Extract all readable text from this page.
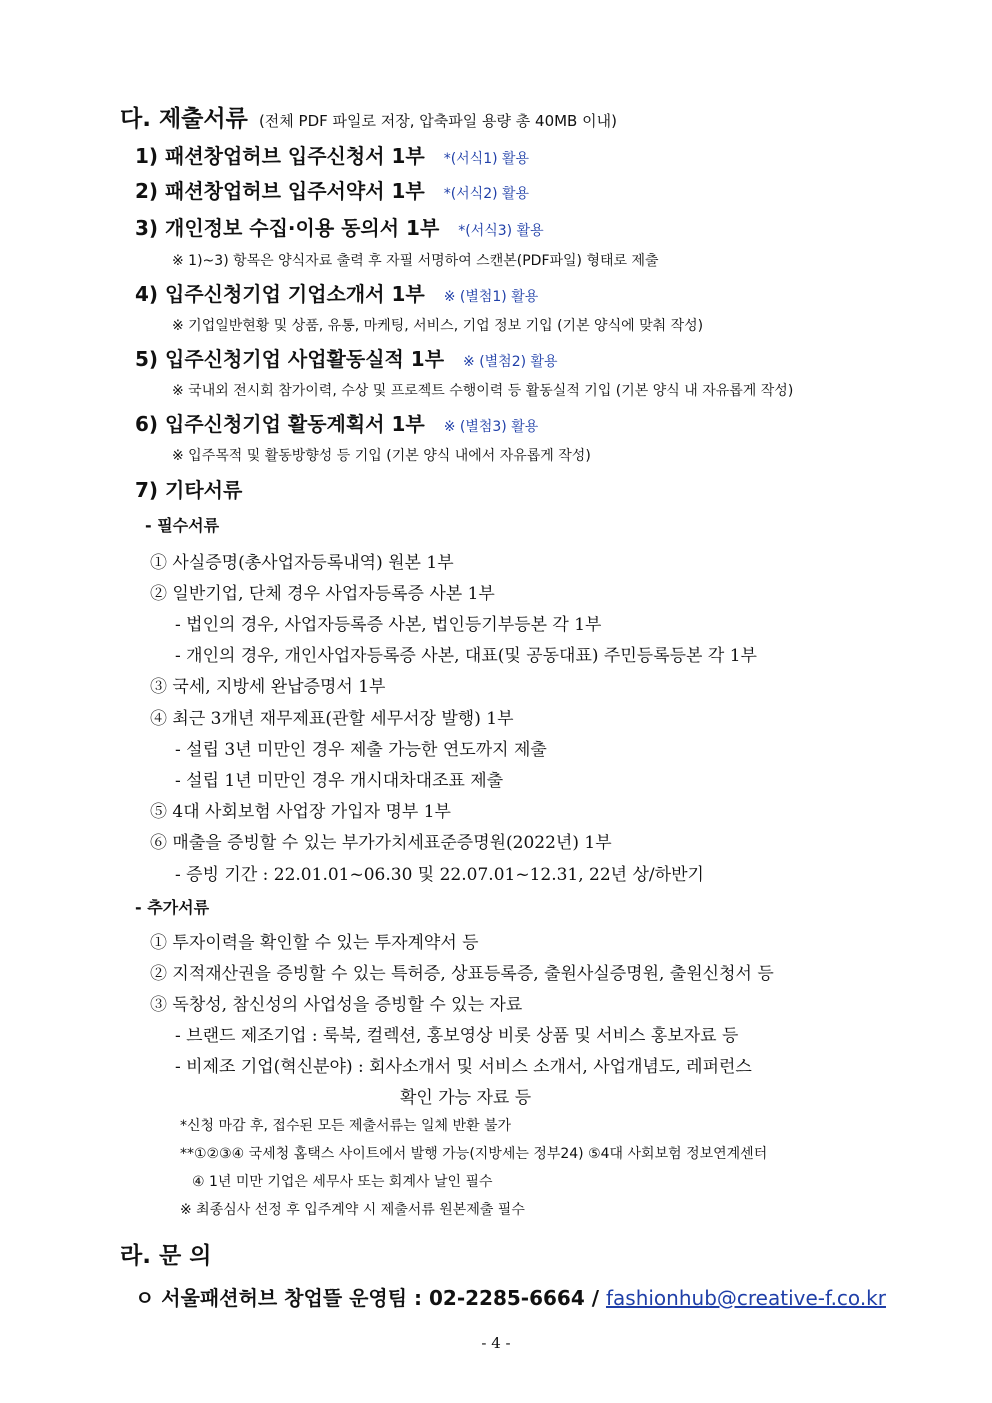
다. 제출서류 (전체 PDF 파일로 저장, 압축파일 용량 총 40MB 이내)
1) 패션창업허브 입주신청서 1부 *(서식1) 활용
2) 패션창업허브 입주서약서 1부 *(서식2) 활용
3) 개인정보 수집·이용 동의서 1부 *(서식3) 활용
※ 1)~3) 항목은 양식자료 출력 후 자필 서명하여 스캔본(PDF파일) 형태로 제출
4) 입주신청기업 기업소개서 1부 ※ (별첨1) 활용
※ 기업일반현황 및 상품, 유통, 마케팅, 서비스, 기업 정보 기입 (기본 양식에 맞춰 작성)
5) 입주신청기업 사업활동실적 1부 ※ (별첨2) 활용
※ 국내외 전시회 참가이력, 수상 및 프로젝트 수행이력 등 활동실적 기입 (기본 양식 내 자유롭게 작성)
6) 입주신청기업 활동계획서 1부 ※ (별첨3) 활용
※ 입주목적 및 활동방향성 등 기입 (기본 양식 내에서 자유롭게 작성)
7) 기타서류
- 필수서류
① 사실증명(총사업자등록내역) 원본 1부
② 일반기업, 단체 경우 사업자등록증 사본 1부
- 법인의 경우, 사업자등록증 사본, 법인등기부등본 각 1부
- 개인의 경우, 개인사업자등록증 사본, 대표(및 공동대표) 주민등록등본 각 1부
③ 국세, 지방세 완납증명서 1부
④ 최근 3개년 재무제표(관할 세무서장 발행) 1부
- 설립 3년 미만인 경우 제출 가능한 연도까지 제출
- 설립 1년 미만인 경우 개시대차대조표 제출
⑤ 4대 사회보험 사업장 가입자 명부 1부
⑥ 매출을 증빙할 수 있는 부가가치세표준증명원(2022년) 1부
- 증빙 기간 : 22.01.01~06.30 및 22.07.01~12.31, 22년 상/하반기
- 추가서류
① 투자이력을 확인할 수 있는 투자계약서 등
② 지적재산권을 증빙할 수 있는 특허증, 상표등록증, 출원사실증명원, 출원신청서 등
③ 독창성, 참신성의 사업성을 증빙할 수 있는 자료
- 브랜드 제조기업 : 룩북, 컬렉션, 홍보영상 비롯 상품 및 서비스 홍보자료 등
- 비제조 기업(혁신분야) : 회사소개서 및 서비스 소개서, 사업개념도, 레퍼런스
확인 가능 자료 등
*신청 마감 후, 접수된 모든 제출서류는 일체 반환 불가
**①②③④ 국세청 홈택스 사이트에서 발행 가능(지방세는 정부24) ⑤4대 사회보험 정보연계센터
④ 1년 미만 기업은 세무사 또는 회계사 날인 필수
※ 최종심사 선정 후 입주계약 시 제출서류 원본제출 필수
라. 문 의
ㅇ 서울패션허브 창업뜰 운영팀 : 02-2285-6664 / fashionhub@creative-f.co.kr
- 4 -
